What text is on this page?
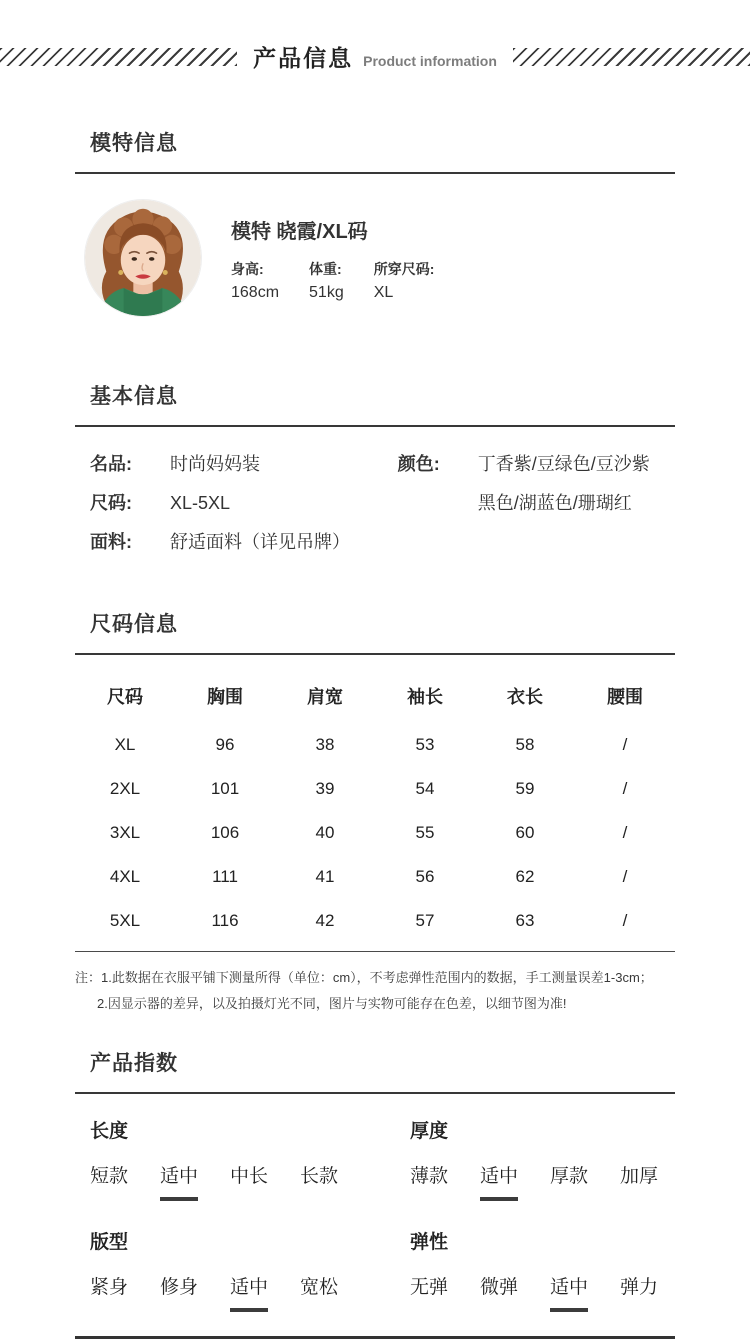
产品信息 Product information
模特信息
模特 晓霞/XL码
身高:
168cm
体重:
51kg
所穿尺码:
XL
基本信息
名品:	时尚妈妈装
尺码:	XL-5XL
面料:	舒适面料（详见吊牌）
颜色:	丁香紫/豆绿色/豆沙紫
黑色/湖蓝色/珊瑚红
尺码信息
尺码	胸围	肩宽	袖长	衣长	腰围
XL	96	38	53	58	/
2XL	101	39	54	59	/
3XL	106	40	55	60	/
4XL	111	41	56	62	/
5XL	116	42	57	63	/
注：1.此数据在衣服平铺下测量所得（单位：cm），不考虑弹性范围内的数据，手工测量误差1-3cm；
2.因显示器的差异，以及拍摄灯光不同，图片与实物可能存在色差，以细节图为准!
产品指数
长度
短款 适中 中长 长款
厚度
薄款 适中 厚款 加厚
版型
紧身 修身 适中 宽松
弹性
无弹 微弹 适中 弹力
